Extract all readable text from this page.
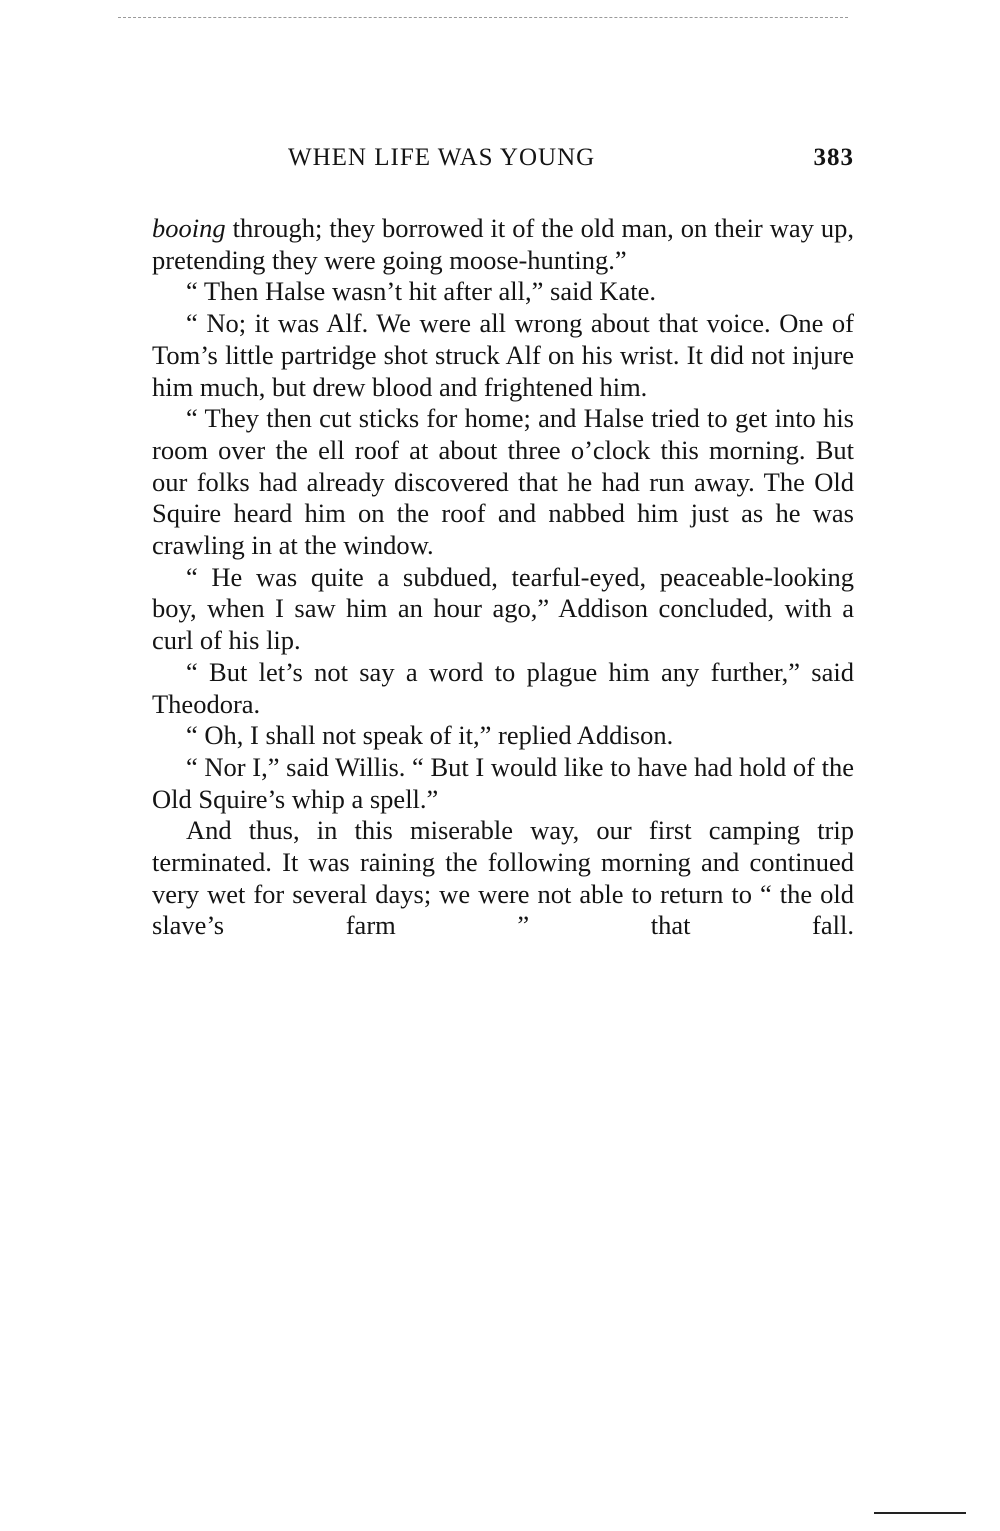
WHEN LIFE WAS YOUNG	383

booing through; they borrowed it of the old man, on their way up, pretending they were going moose-hunting.”

“ Then Halse wasn’t hit after all,” said Kate.

“ No; it was Alf. We were all wrong about that voice. One of Tom’s little partridge shot struck Alf on his wrist. It did not injure him much, but drew blood and frightened him.

“ They then cut sticks for home; and Halse tried to get into his room over the ell roof at about three o’clock this morning. But our folks had already discovered that he had run away. The Old Squire heard him on the roof and nabbed him just as he was crawling in at the window.

“ He was quite a subdued, tearful-eyed, peaceable-looking boy, when I saw him an hour ago,” Addison concluded, with a curl of his lip.

“ But let’s not say a word to plague him any further,” said Theodora.

“ Oh, I shall not speak of it,” replied Addison.

“ Nor I,” said Willis. “ But I would like to have had hold of the Old Squire’s whip a spell.”

And thus, in this miserable way, our first camping trip terminated. It was raining the following morning and continued very wet for several days; we were not able to return to “ the old slave’s farm ” that fall.
